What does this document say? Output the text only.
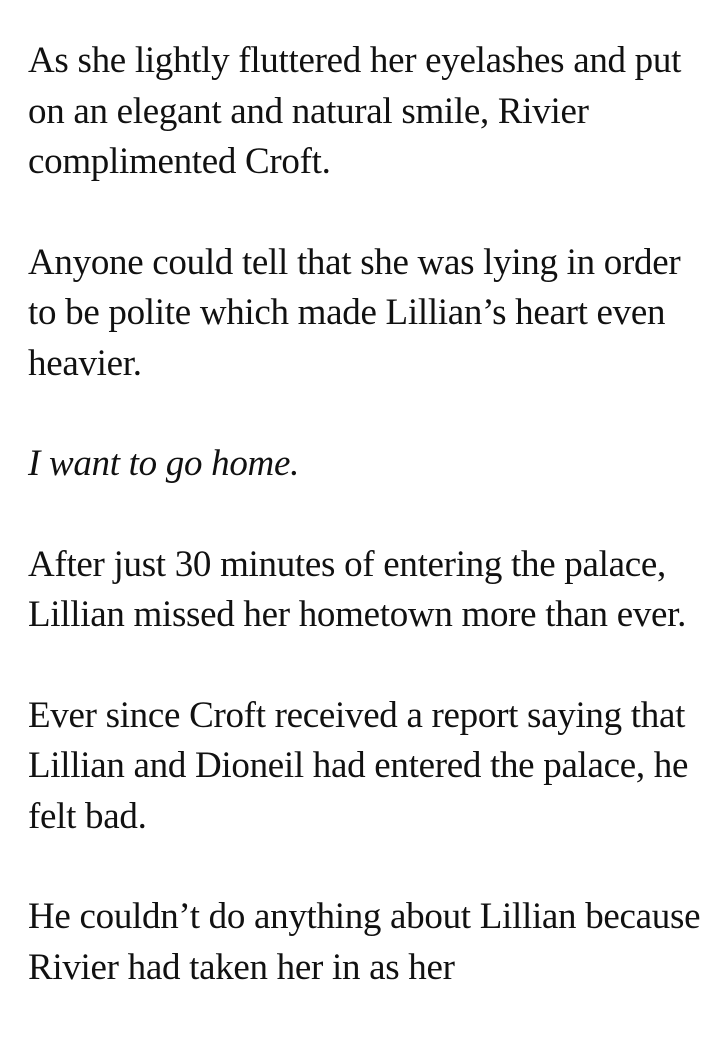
As she lightly fluttered her eyelashes and put on an elegant and natural smile, Rivier complimented Croft.

Anyone could tell that she was lying in order to be polite which made Lillian’s heart even heavier.

I want to go home.

After just 30 minutes of entering the palace, Lillian missed her hometown more than ever.

Ever since Croft received a report saying that Lillian and Dioneil had entered the palace, he felt bad.

He couldn’t do anything about Lillian because Rivier had taken her in as her
